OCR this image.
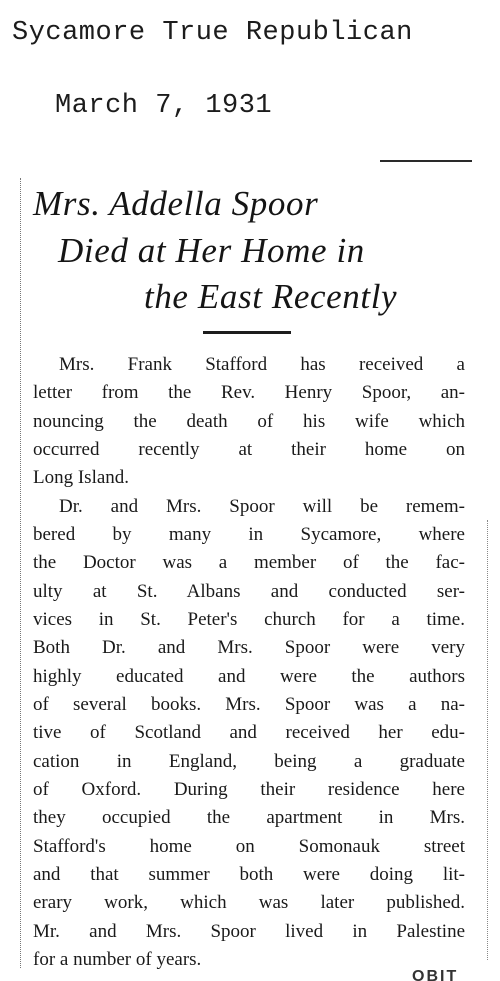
Sycamore True Republican
March 7, 1931
Mrs. Addella Spoor
Died at Her Home in
the East Recently
Mrs. Frank Stafford has received a
letter from the Rev. Henry Spoor, an-
nouncing the death of his wife which
occurred recently at their home on
Long Island.
Dr. and Mrs. Spoor will be remem-
bered by many in Sycamore, where
the Doctor was a member of the fac-
ulty at St. Albans and conducted ser-
vices in St. Peter's church for a time.
Both Dr. and Mrs. Spoor were very
highly educated and were the authors
of several books. Mrs. Spoor was a na-
tive of Scotland and received her edu-
cation in England, being a graduate
of Oxford. During their residence here
they occupied the apartment in Mrs.
Stafford's home on Somonauk street
and that summer both were doing lit-
erary work, which was later published.
OBIT
Mr. and Mrs. Spoor lived in Palestine
for a number of years.
